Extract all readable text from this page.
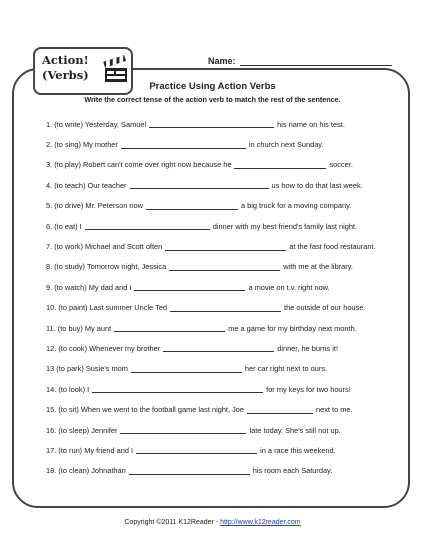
Action!
(Verbs)
Name:
Practice Using Action Verbs
Write the correct tense of the action verb to match the rest of the sentence.
1. (to write) Yesterday, Samuel	his name on his test.
2. (to sing) My mother	in church next Sunday.
3. (to play) Robert can't come over right now because he	soccer.
4. (to teach) Our teacher	us how to do that last week.
5. (to drive) Mr. Peterson now	a big truck for a moving company.
6. (to eat) I	dinner with my best friend's family last night.
7. (to work) Michael and Scott often	at the fast food restaurant.
8. (to study) Tomorrow night, Jessica	with me at the library.
9. (to watch) My dad and I	a movie on t.v. right now.
10. (to paint) Last summer Uncle Ted	the outside of our house.
11. (to buy) My aunt	me a game for my birthday next month.
12. (to cook) Whenever my brother	dinner, he burns it!
13 (to park) Susie's mom	her car right next to ours.
14. (to look) I	for my keys for two hours!
15. (to sit) When we went to the football game last night, Joe	next to me.
16. (to sleep) Jennifer	late today. She's still not up.
17. (to run) My friend and I	in a race this weekend.
18. (to clean) Johnathan	his room each Saturday.
Copyright ©2011 K12Reader - http://www.k12reader.com
